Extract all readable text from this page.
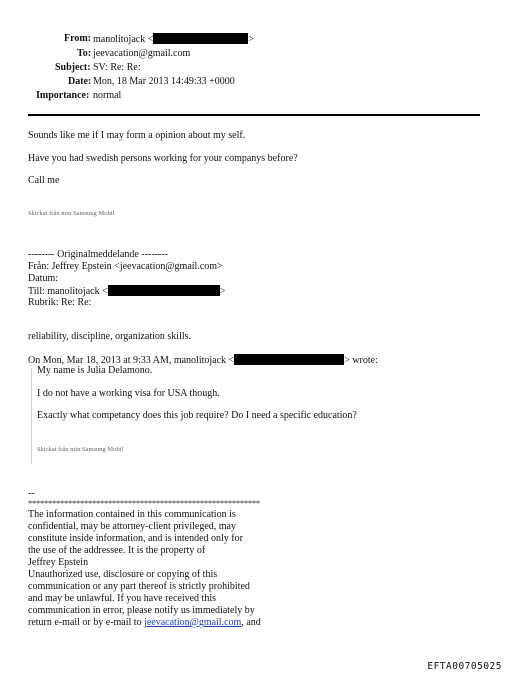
From: manolitojack <	>
To: jeevacation@gmail.com
Subject: SV: Re: Re:
Date: Mon, 18 Mar 2013 14:49:33 +0000
Importance: normal
Sounds like me if I may form a opinion about my self.
Have you had swedish persons working for your companys before?
Call me
Skickat från min Samsung Mobil
-------- Originalmeddelande --------
Från: Jeffrey Epstein <jeevacation@gmail.com>
Datum:
Till: manolitojack <	>
Rubrik: Re: Re:
reliability, discipline, organization skills.
On Mon, Mar 18, 2013 at 9:33 AM, manolitojack <	> wrote:
My name is Julia Delamono.
I do not have a working visa for USA though.
Exactly what competancy does this job require? Do I need a specific education?
Skickat från min Samsung Mobil
--
**********************************************************
The information contained in this communication is
confidential, may be attorney-client privileged, may
constitute inside information, and is intended only for
the use of the addressee. It is the property of
Jeffrey Epstein
Unauthorized use, disclosure or copying of this
communication or any part thereof is strictly prohibited
and may be unlawful. If you have received this
communication in error, please notify us immediately by
return e-mail or by e-mail to jeevacation@gmail.com, and
EFTA00705025
